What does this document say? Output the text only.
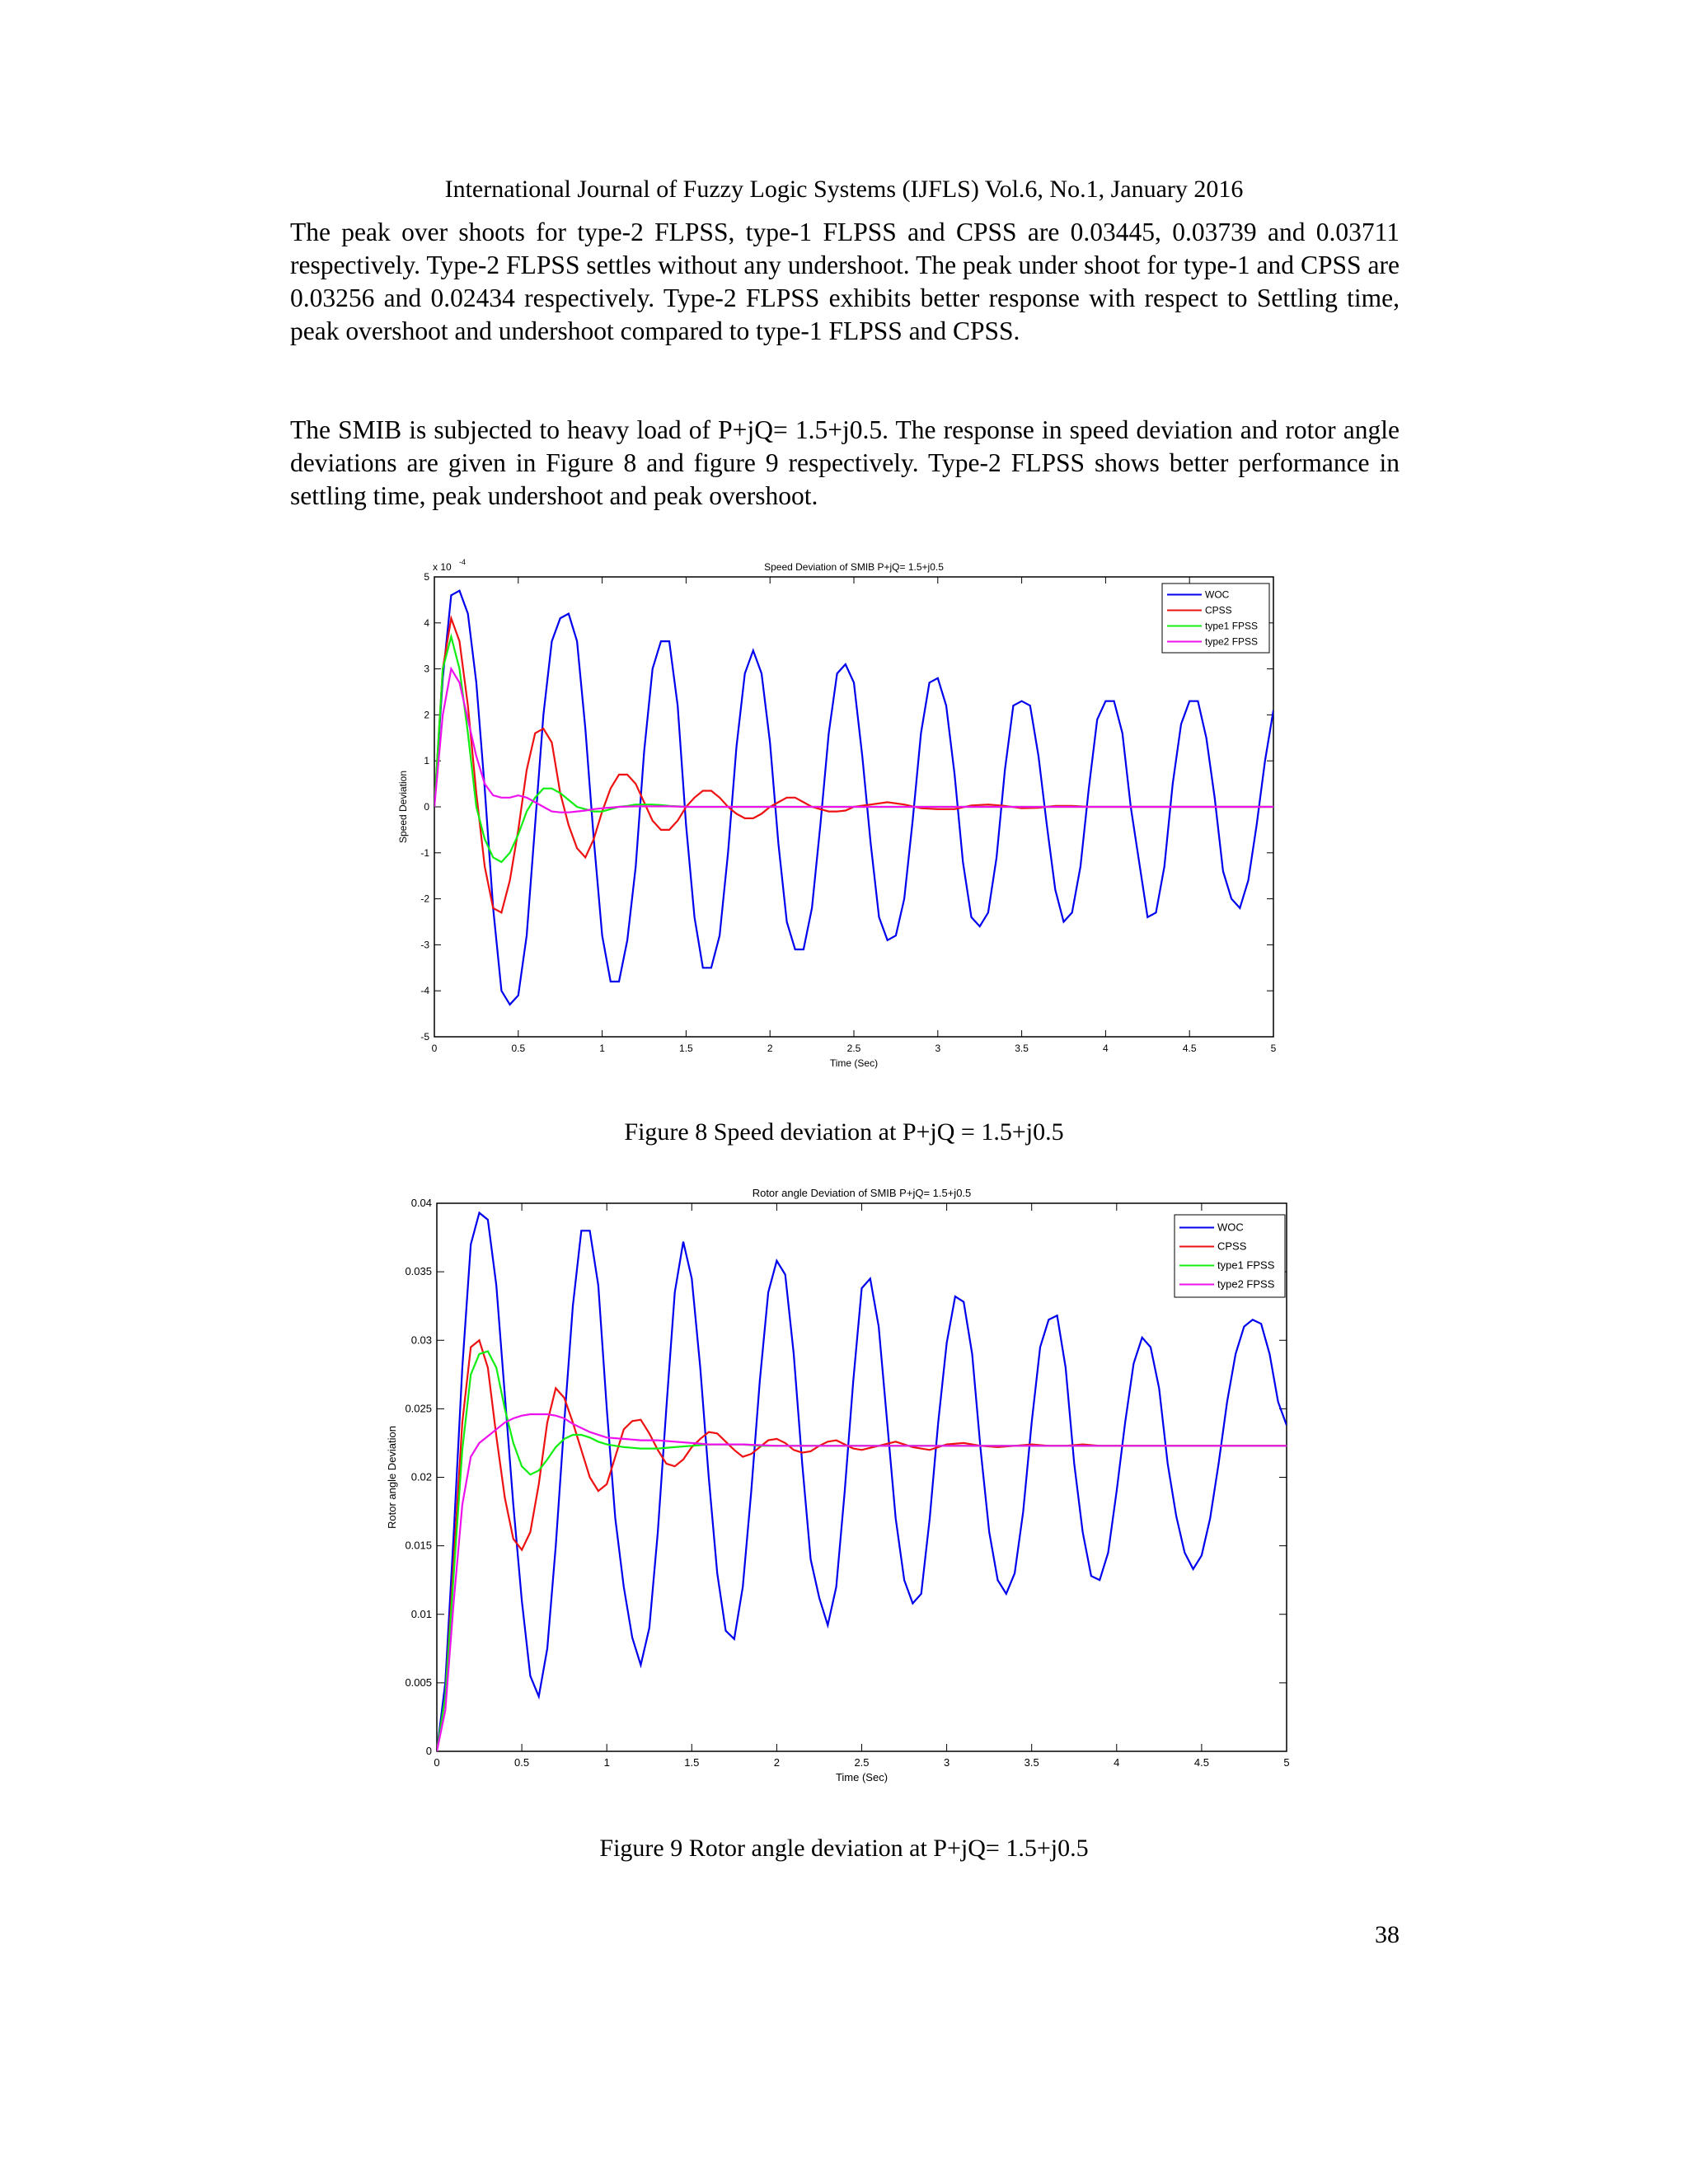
International Journal of Fuzzy Logic Systems (IJFLS) Vol.6, No.1, January 2016

The peak over shoots for type-2 FLPSS, type-1 FLPSS and CPSS are 0.03445, 0.03739 and 0.03711 respectively. Type-2 FLPSS settles without any undershoot. The peak under shoot for type-1 and CPSS are 0.03256 and 0.02434 respectively. Type-2 FLPSS exhibits better response with respect to Settling time, peak overshoot and undershoot compared to type-1 FLPSS and CPSS.

The SMIB is subjected to heavy load of P+jQ= 1.5+j0.5. The response in speed deviation and rotor angle deviations are given in Figure 8 and figure 9 respectively. Type-2 FLPSS shows better performance in settling time, peak undershoot and peak overshoot.

Speed Deviation of SMIB P+jQ= 1.5+j0.5
0	0.5	1	1.5	2	2.5	3	3.5	4	4.5	5
5
4
3
2
1
0
-1
-2
-3
-4
-5
x 10 -4
Time (Sec)
Speed Deviation
WOC
CPSS
type1 FPSS
type2 FPSS
Figure 8 Speed deviation at P+jQ = 1.5+j0.5
Rotor angle Deviation of SMIB P+jQ= 1.5+j0.5
0	0.5	1	1.5	2	2.5	3	3.5	4	4.5	5
0.04
0.035
0.03
0.025
0.02
0.015
0.01
0.005
0
Time (Sec)
Rotor angle Deviation
WOC
CPSS
type1 FPSS
type2 FPSS
Figure 9 Rotor angle deviation at P+jQ= 1.5+j0.5
38
